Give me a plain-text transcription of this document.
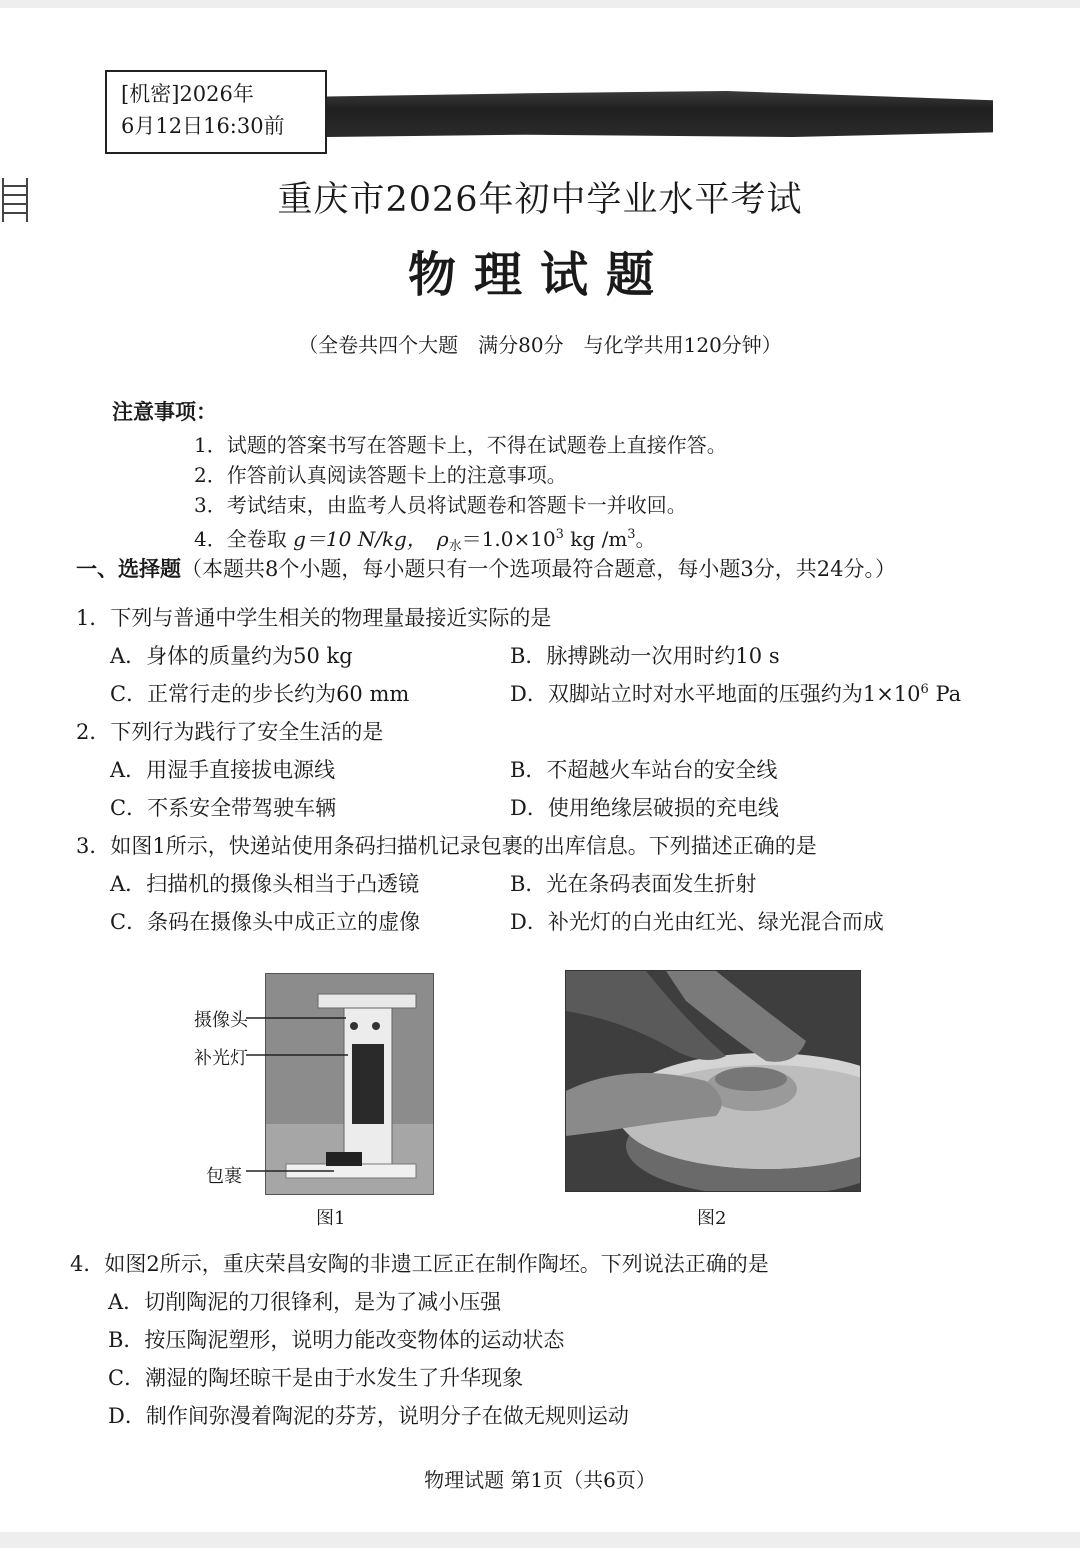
[机密]2026年
6月12日16:30前
重庆市2026年初中学业水平考试
物理试题
（全卷共四个大题　满分80分　与化学共用120分钟）
注意事项：
1．试题的答案书写在答题卡上，不得在试题卷上直接作答。
2．作答前认真阅读答题卡上的注意事项。
3．考试结束，由监考人员将试题卷和答题卡一并收回。
4．全卷取 g＝10 N/kg，　 $\rho_水=1.0\times 10^3$ kg $/m^3$。
一、选择题（本题共8个小题，每小题只有一个选项最符合题意，每小题3分，共24分。）
1．下列与普通中学生相关的物理量最接近实际的是
A．身体的质量约为50 kg	B．脉搏跳动一次用时约10 s
C．正常行走的步长约为60 mm	D．双脚站立时对水平地面的压强约为$1\times 10^6$ Pa
2．下列行为践行了安全生活的是
A．用湿手直接拔电源线	B．不超越火车站台的安全线
C．不系安全带驾驶车辆	D．使用绝缘层破损的充电线
3．如图1所示，快递站使用条码扫描机记录包裹的出库信息。下列描述正确的是
A．扫描机的摄像头相当于凸透镜	B．光在条码表面发生折射
C．条码在摄像头中成正立的虚像	D．补光灯的白光由红光、绿光混合而成
摄像头
补光灯
包裹
图1	图2
4．如图2所示，重庆荣昌安陶的非遗工匠正在制作陶坯。下列说法正确的是
A．切削陶泥的刀很锋利，是为了减小压强
B．按压陶泥塑形，说明力能改变物体的运动状态
C．潮湿的陶坯晾干是由于水发生了升华现象
D．制作间弥漫着陶泥的芬芳，说明分子在做无规则运动
物理试题 第1页（共6页）
